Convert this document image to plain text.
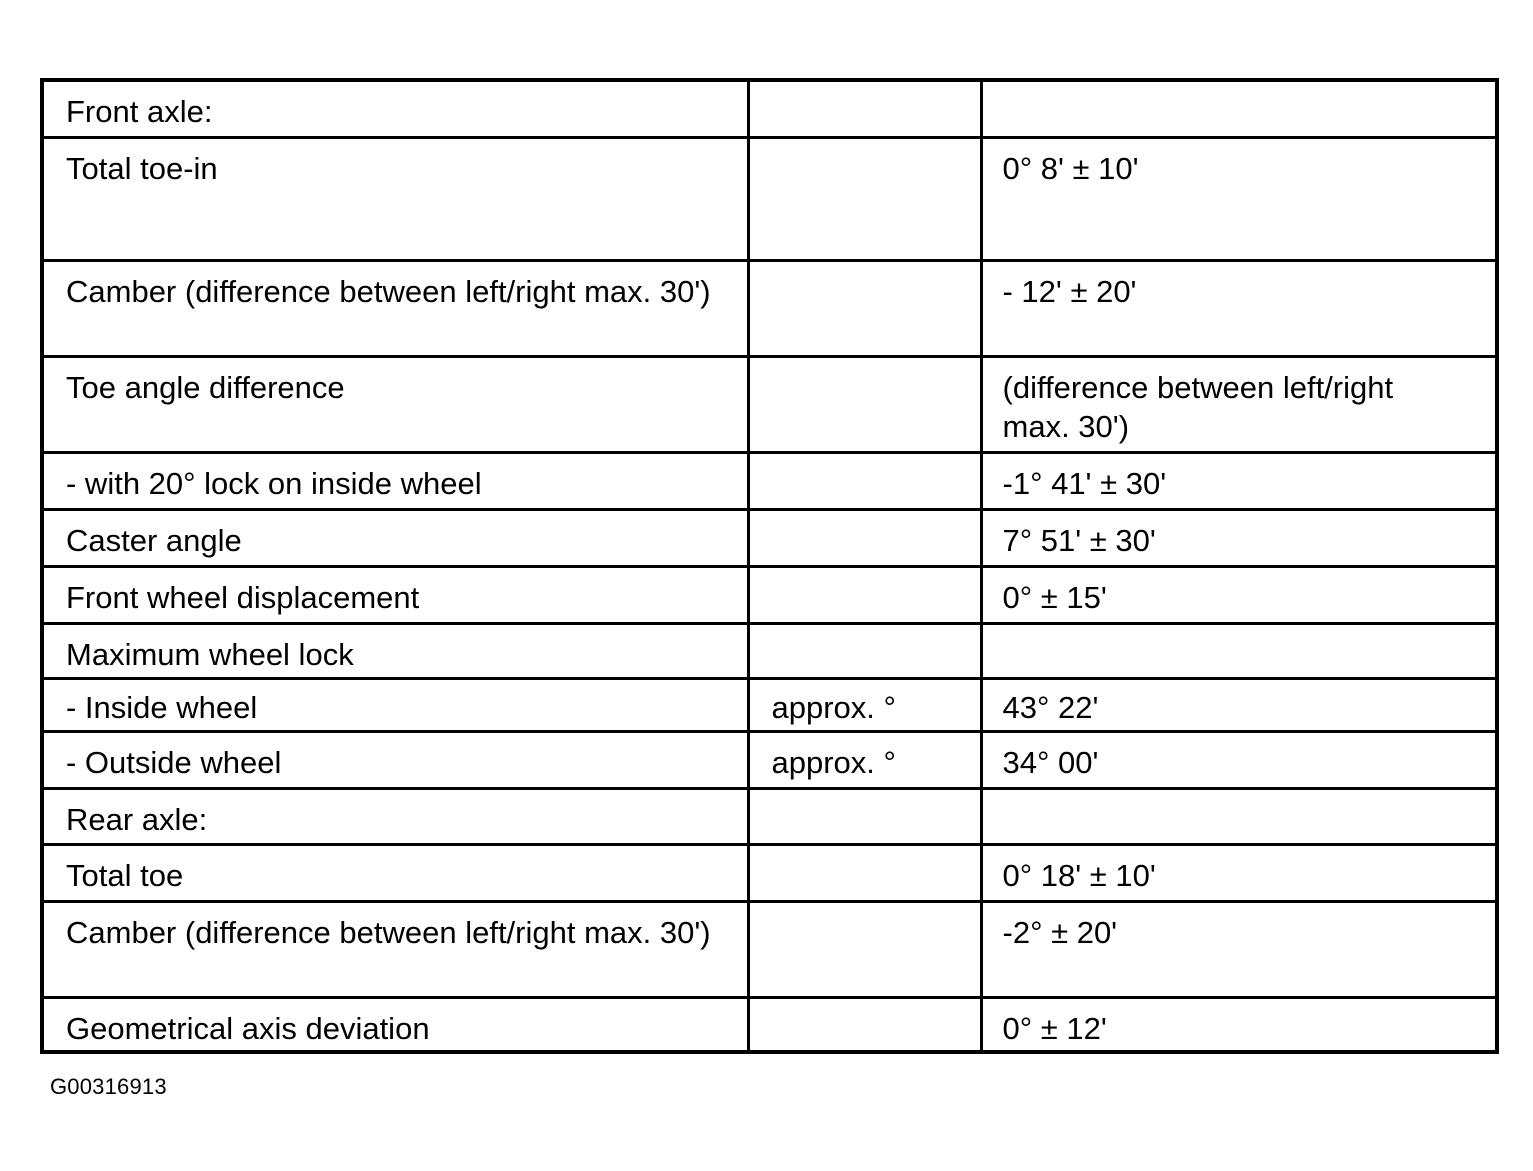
Front axle:		
Total toe-in		0° 8' ± 10'
Camber (difference between left/right max. 30')		- 12' ± 20'
Toe angle difference		(difference between left/right max. 30')
- with 20° lock on inside wheel		-1° 41' ± 30'
Caster angle		7° 51' ± 30'
Front wheel displacement		0° ± 15'
Maximum wheel lock		
- Inside wheel	approx. °	43° 22'
- Outside wheel	approx. °	34° 00'
Rear axle:		
Total toe		0° 18' ± 10'
Camber (difference between left/right max. 30')		-2° ± 20'
Geometrical axis deviation		0° ± 12'
G00316913
